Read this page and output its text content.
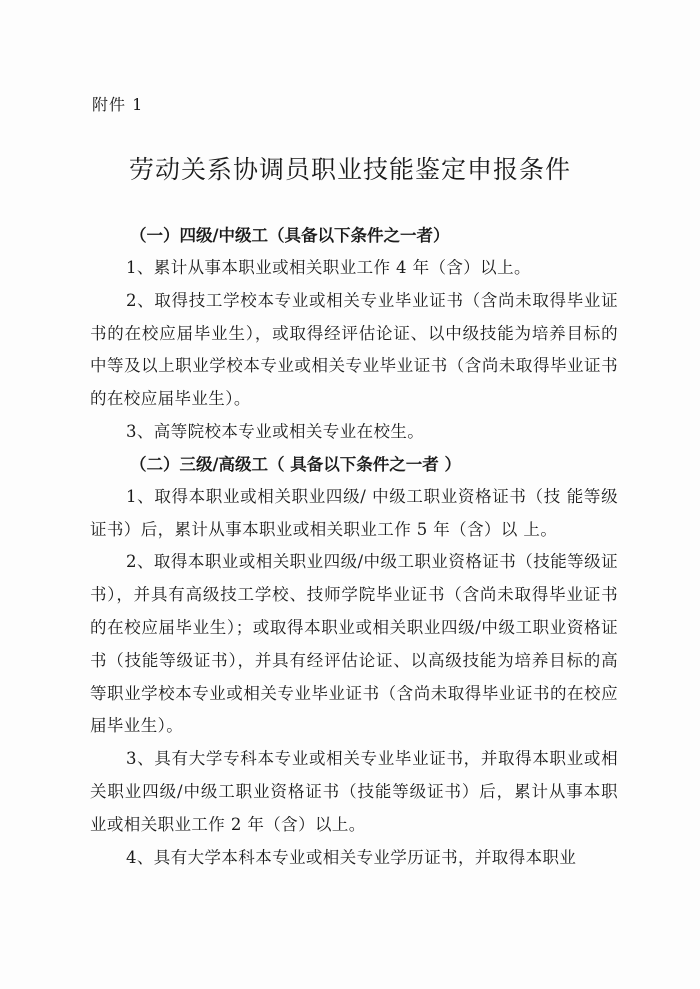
附件 1
劳动关系协调员职业技能鉴定申报条件

（一）四级/中级工（具备以下条件之一者）

1、累计从事本职业或相关职业工作 4 年（含）以上。

2、取得技工学校本专业或相关专业毕业证书（含尚未取得毕业证书的在校应届毕业生），或取得经评估论证、以中级技能为培养目标的中等及以上职业学校本专业或相关专业毕业证书（含尚未取得毕业证书的在校应届毕业生）。

3、高等院校本专业或相关专业在校生。

（二）三级/高级工（ 具备以下条件之一者 ）

1、取得本职业或相关职业四级/ 中级工职业资格证书（技 能等级证书）后，累计从事本职业或相关职业工作 5 年（含）以 上。

2、取得本职业或相关职业四级/中级工职业资格证书（技能等级证书），并具有高级技工学校、技师学院毕业证书（含尚未取得毕业证书的在校应届毕业生）；或取得本职业或相关职业四级/中级工职业资格证书（技能等级证书），并具有经评估论证、以高级技能为培养目标的高等职业学校本专业或相关专业毕业证书（含尚未取得毕业证书的在校应届毕业生）。

3、具有大学专科本专业或相关专业毕业证书，并取得本职业或相关职业四级/中级工职业资格证书（技能等级证书）后，累计从事本职业或相关职业工作 2 年（含）以上。

4、具有大学本科本专业或相关专业学历证书，并取得本职业
